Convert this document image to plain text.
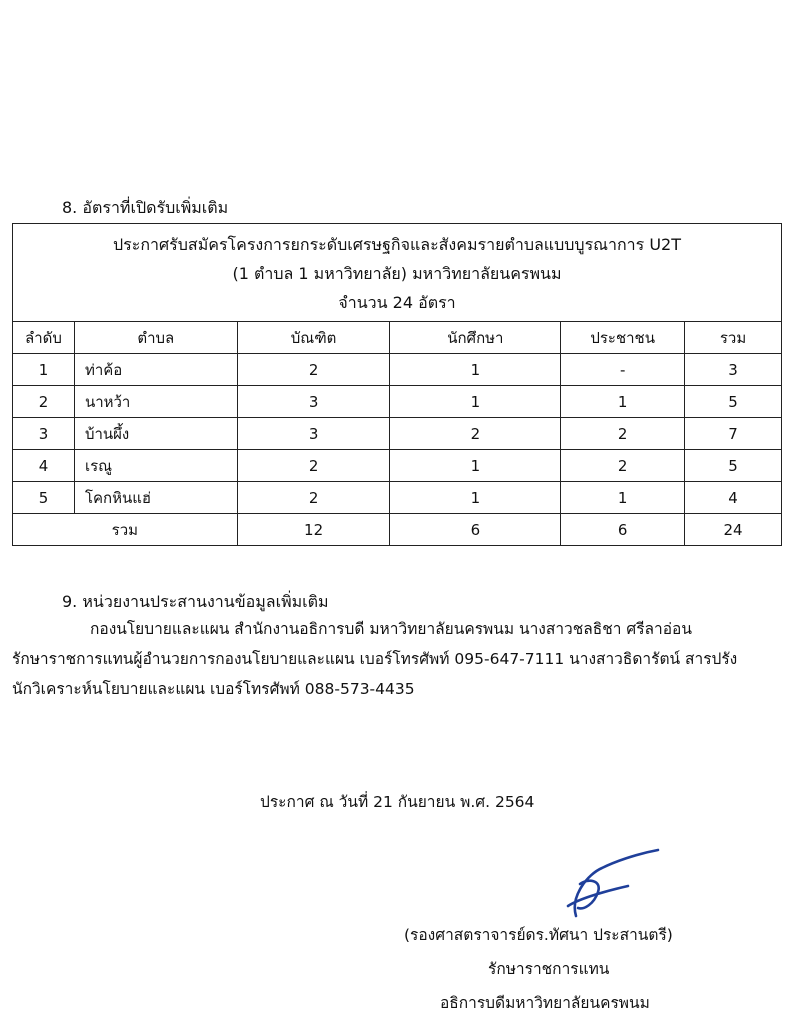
8. อัตราที่เปิดรับเพิ่มเติม
ประกาศรับสมัครโครงการยกระดับเศรษฐกิจและสังคมรายตำบลแบบบูรณาการ U2T
(1 ตำบล 1 มหาวิทยาลัย) มหาวิทยาลัยนครพนม
จำนวน 24 อัตรา					

ลำดับ	ตำบล	บัณฑิต	นักศึกษา	ประชาชน	รวม
1	ท่าค้อ	2	1	-	3
2	นาหว้า	3	1	1	5
3	บ้านผึ้ง	3	2	2	7
4	เรณู	2	1	2	5
5	โคกหินแฮ่	2	1	1	4
รวม		12	6	6	24
9. หน่วยงานประสานงานข้อมูลเพิ่มเติม
กองนโยบายและแผน สำนักงานอธิการบดี มหาวิทยาลัยนครพนม นางสาวชลธิชา ศรีลาอ่อน
รักษาราชการแทนผู้อำนวยการกองนโยบายและแผน เบอร์โทรศัพท์ 095-647-7111 นางสาวธิดารัตน์ สารปรัง
นักวิเคราะห์นโยบายและแผน เบอร์โทรศัพท์ 088-573-4435
ประกาศ ณ วันที่ 21 กันยายน พ.ศ. 2564
(รองศาสตราจารย์ดร.ทัศนา ประสานตรี)
รักษาราชการแทน
อธิการบดีมหาวิทยาลัยนครพนม
